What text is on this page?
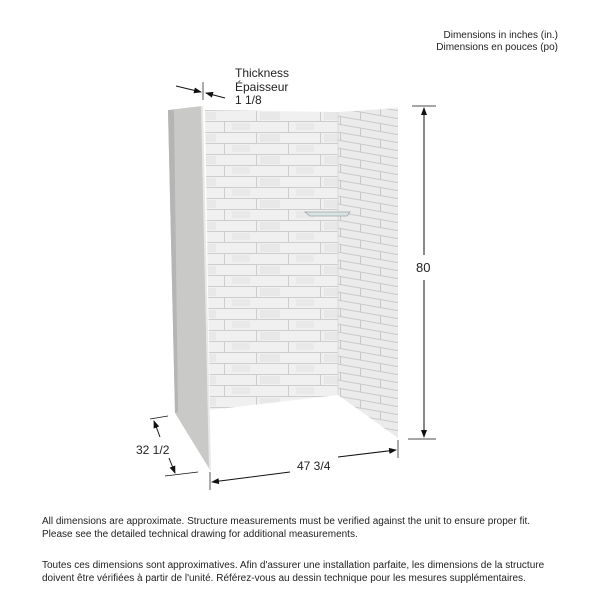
Dimensions in inches (in.)
Dimensions en pouces (po)
Thickness
Épaisseur
1 1/8
80
47 3/4
32 1/2
All dimensions are approximate. Structure measurements must be verified against the unit to ensure proper fit.
Please see the detailed technical drawing for additional measurements.
Toutes ces dimensions sont approximatives. Afin d'assurer une installation parfaite, les dimensions de la structure
doivent être vérifiées à partir de l'unité. Référez-vous au dessin technique pour les mesures supplémentaires.
